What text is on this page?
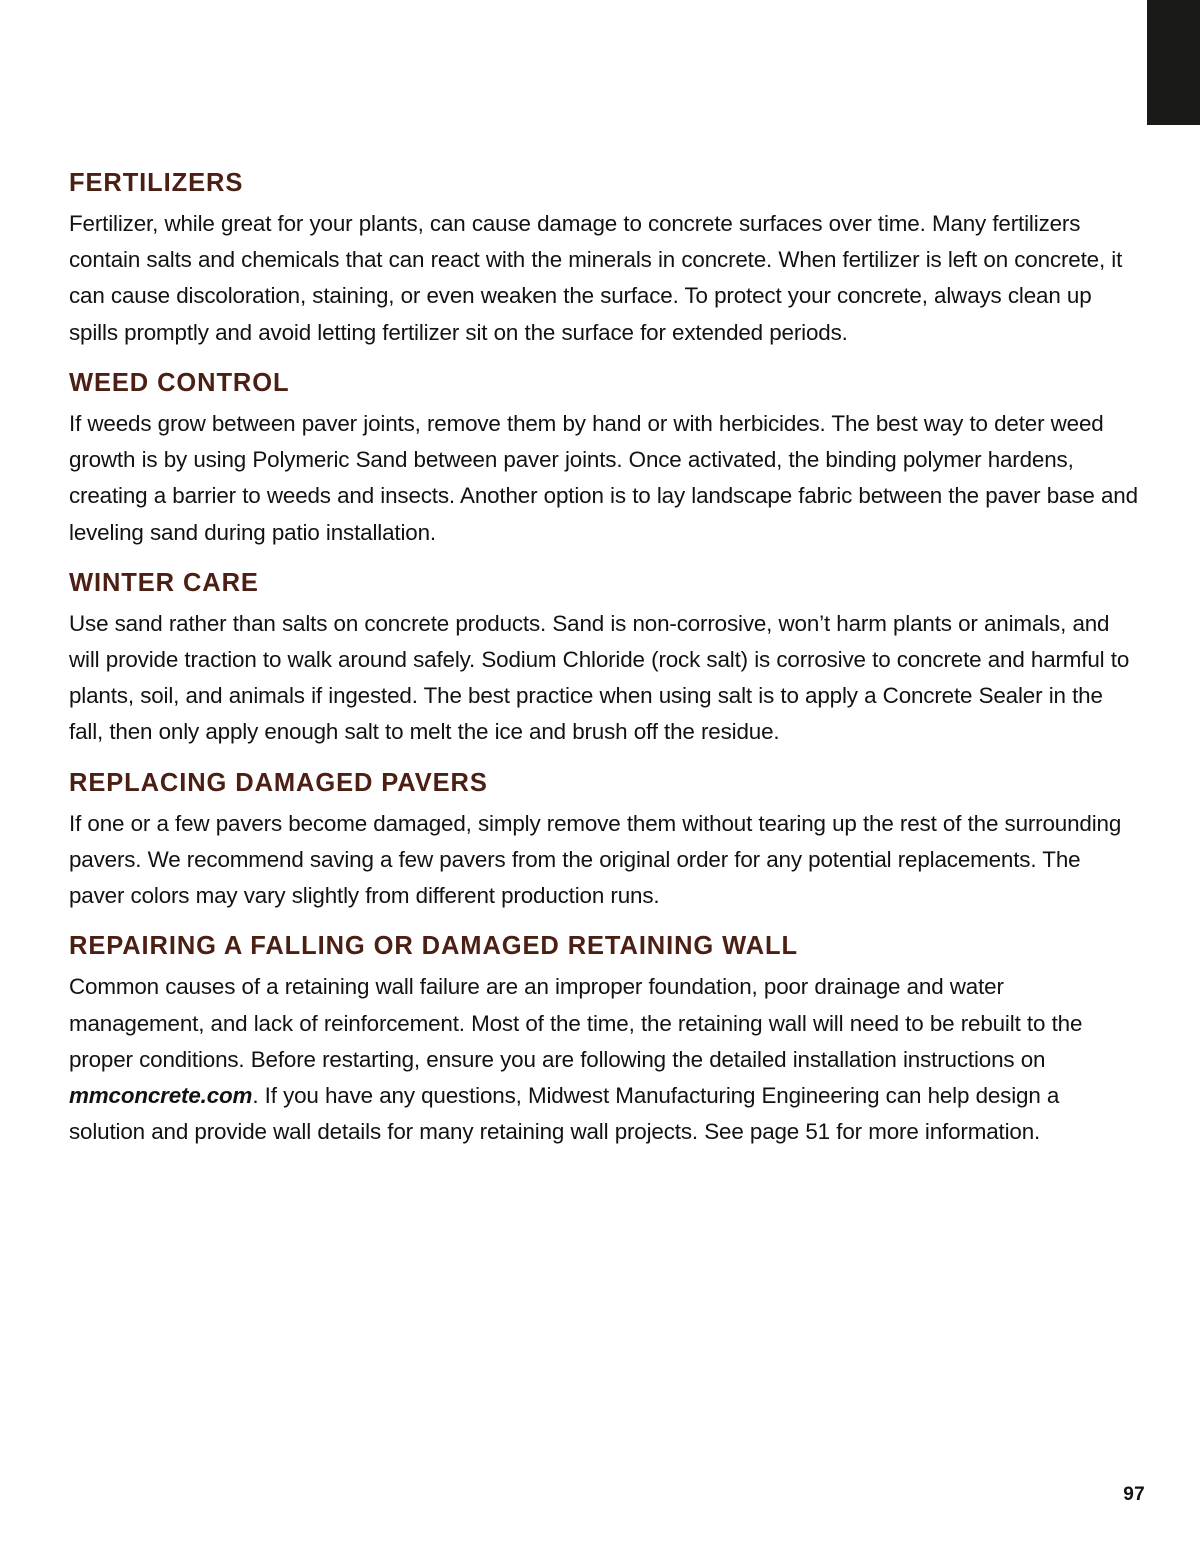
FERTILIZERS

Fertilizer, while great for your plants, can cause damage to concrete surfaces over time. Many fertilizers contain salts and chemicals that can react with the minerals in concrete. When fertilizer is left on concrete, it can cause discoloration, staining, or even weaken the surface. To protect your concrete, always clean up spills promptly and avoid letting fertilizer sit on the surface for extended periods.

WEED CONTROL

If weeds grow between paver joints, remove them by hand or with herbicides. The best way to deter weed growth is by using Polymeric Sand between paver joints. Once activated, the binding polymer hardens, creating a barrier to weeds and insects. Another option is to lay landscape fabric between the paver base and leveling sand during patio installation.

WINTER CARE

Use sand rather than salts on concrete products. Sand is non-corrosive, won’t harm plants or animals, and will provide traction to walk around safely. Sodium Chloride (rock salt) is corrosive to concrete and harmful to plants, soil, and animals if ingested. The best practice when using salt is to apply a Concrete Sealer in the fall, then only apply enough salt to melt the ice and brush off the residue.

REPLACING DAMAGED PAVERS

If one or a few pavers become damaged, simply remove them without tearing up the rest of the surrounding pavers. We recommend saving a few pavers from the original order for any potential replacements. The paver colors may vary slightly from different production runs.

REPAIRING A FALLING OR DAMAGED RETAINING WALL

Common causes of a retaining wall failure are an improper foundation, poor drainage and water management, and lack of reinforcement. Most of the time, the retaining wall will need to be rebuilt to the proper conditions. Before restarting, ensure you are following the detailed installation instructions on mmconcrete.com. If you have any questions, Midwest Manufacturing Engineering can help design a solution and provide wall details for many retaining wall projects. See page 51 for more information.

97
